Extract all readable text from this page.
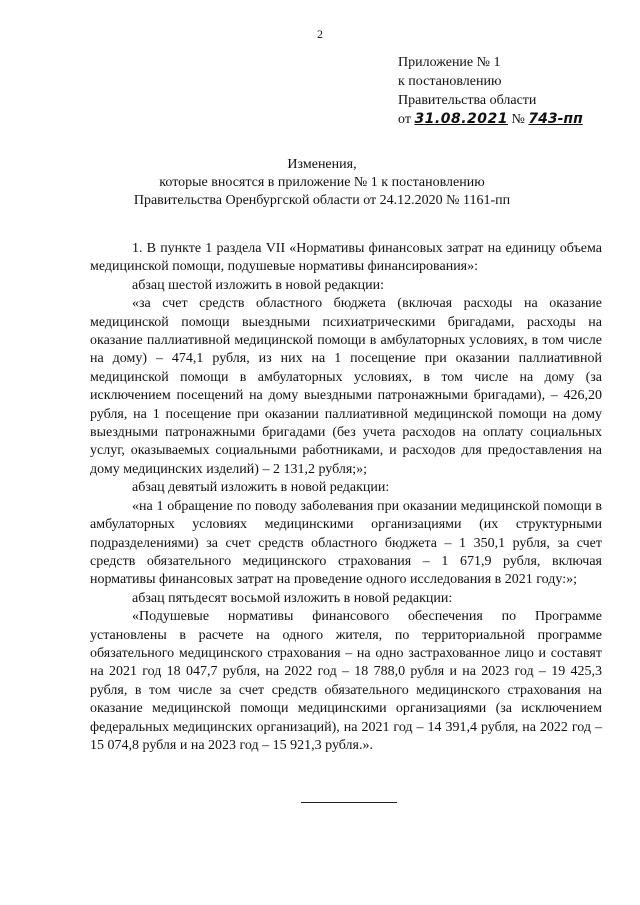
2
Приложение № 1
к постановлению
Правительства области
от 31.08.2021 № 743-пп
Изменения,
которые вносятся в приложение № 1 к постановлению
Правительства Оренбургской области от 24.12.2020 № 1161-пп

1. В пункте 1 раздела VII «Нормативы финансовых затрат на единицу объема медицинской помощи, подушевые нормативы финансирования»:

абзац шестой изложить в новой редакции:

«за счет средств областного бюджета (включая расходы на оказание медицинской помощи выездными психиатрическими бригадами, расходы на оказание паллиативной медицинской помощи в амбулаторных условиях, в том числе на дому) – 474,1 рубля, из них на 1 посещение при оказании паллиативной медицинской помощи в амбулаторных условиях, в том числе на дому (за исключением посещений на дому выездными патронажными бригадами), – 426,20 рубля, на 1 посещение при оказании паллиативной медицинской помощи на дому выездными патронажными бригадами (без учета расходов на оплату социальных услуг, оказываемых социальными работниками, и расходов для предоставления на дому медицинских изделий) – 2 131,2 рубля;»;

абзац девятый изложить в новой редакции:

«на 1 обращение по поводу заболевания при оказании медицинской помощи в амбулаторных условиях медицинскими организациями (их структурными подразделениями) за счет средств областного бюджета – 1 350,1 рубля, за счет средств обязательного медицинского страхования – 1 671,9 рубля, включая нормативы финансовых затрат на проведение одного исследования в 2021 году:»;

абзац пятьдесят восьмой изложить в новой редакции:

«Подушевые нормативы финансового обеспечения по Программе установлены в расчете на одного жителя, по территориальной программе обязательного медицинского страхования – на одно застрахованное лицо и составят на 2021 год 18 047,7 рубля, на 2022 год – 18 788,0 рубля и на 2023 год – 19 425,3 рубля, в том числе за счет средств обязательного медицинского страхования на оказание медицинской помощи медицинскими организациями (за исключением федеральных медицинских организаций), на 2021 год – 14 391,4 рубля, на 2022 год – 15 074,8 рубля и на 2023 год – 15 921,3 рубля.».
